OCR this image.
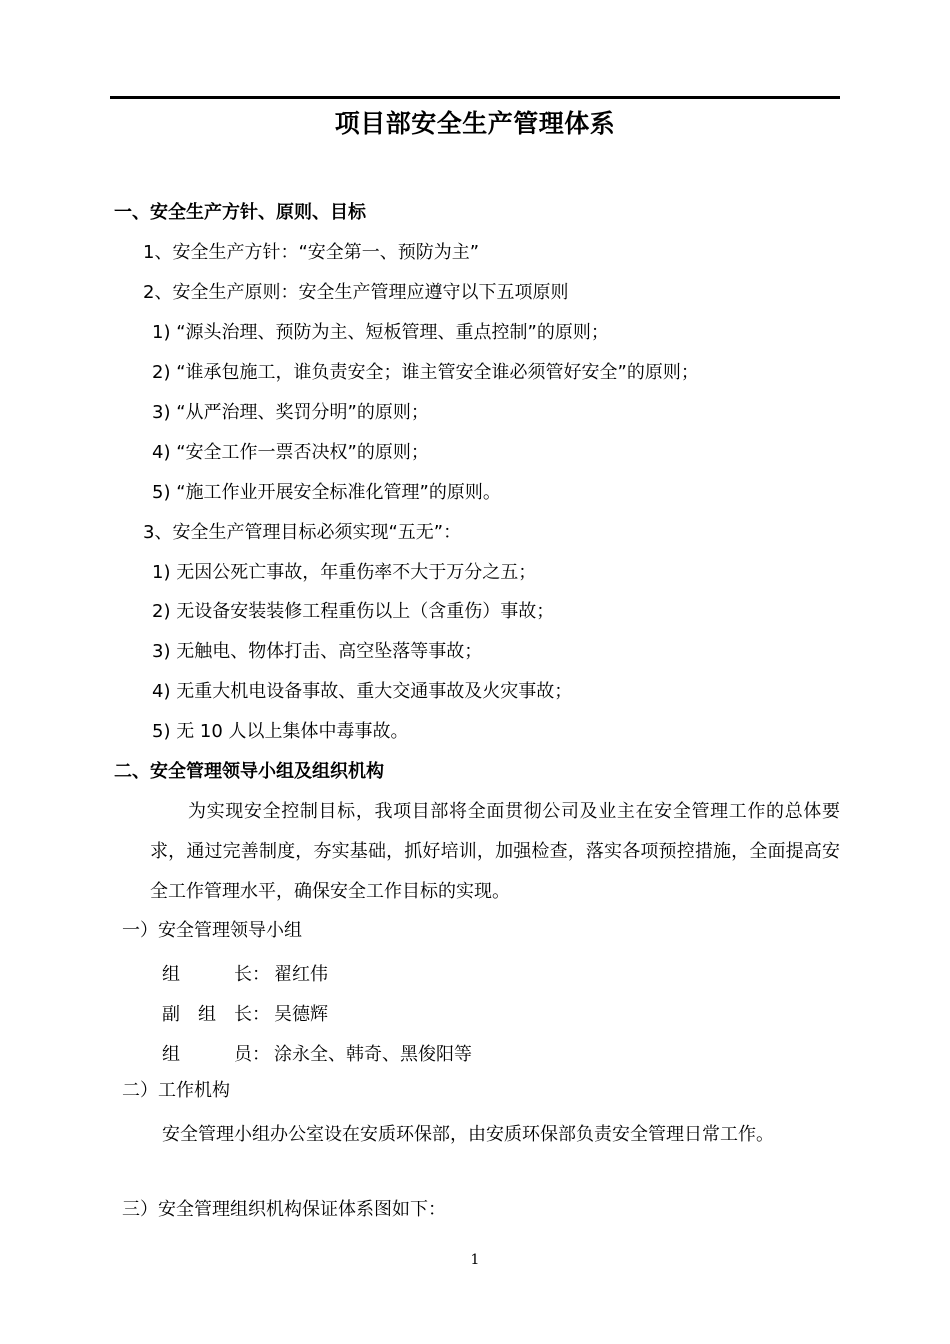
项目部安全生产管理体系
一、安全生产方针、原则、目标
1、安全生产方针：“安全第一、预防为主”
2、安全生产原则：安全生产管理应遵守以下五项原则
1) “源头治理、预防为主、短板管理、重点控制”的原则；
2) “谁承包施工，谁负责安全；谁主管安全谁必须管好安全”的原则；
3) “从严治理、奖罚分明”的原则；
4) “安全工作一票否决权”的原则；
5) “施工作业开展安全标准化管理”的原则。
3、安全生产管理目标必须实现“五无”：
1) 无因公死亡事故，年重伤率不大于万分之五；
2) 无设备安装装修工程重伤以上（含重伤）事故；
3) 无触电、物体打击、高空坠落等事故；
4) 无重大机电设备事故、重大交通事故及火灾事故；
5) 无 10 人以上集体中毒事故。
二、安全管理领导小组及组织机构
为实现安全控制目标，我项目部将全面贯彻公司及业主在安全管理工作的总体要求，通过完善制度，夯实基础，抓好培训，加强检查，落实各项预控措施，全面提高安全工作管理水平，确保安全工作目标的实现。
一）安全管理领导小组
组　　　长： 翟红伟
副　组　长： 吴德辉
组　　　员： 涂永全、韩奇、黑俊阳等
二）工作机构
安全管理小组办公室设在安质环保部，由安质环保部负责安全管理日常工作。
三）安全管理组织机构保证体系图如下：
1
